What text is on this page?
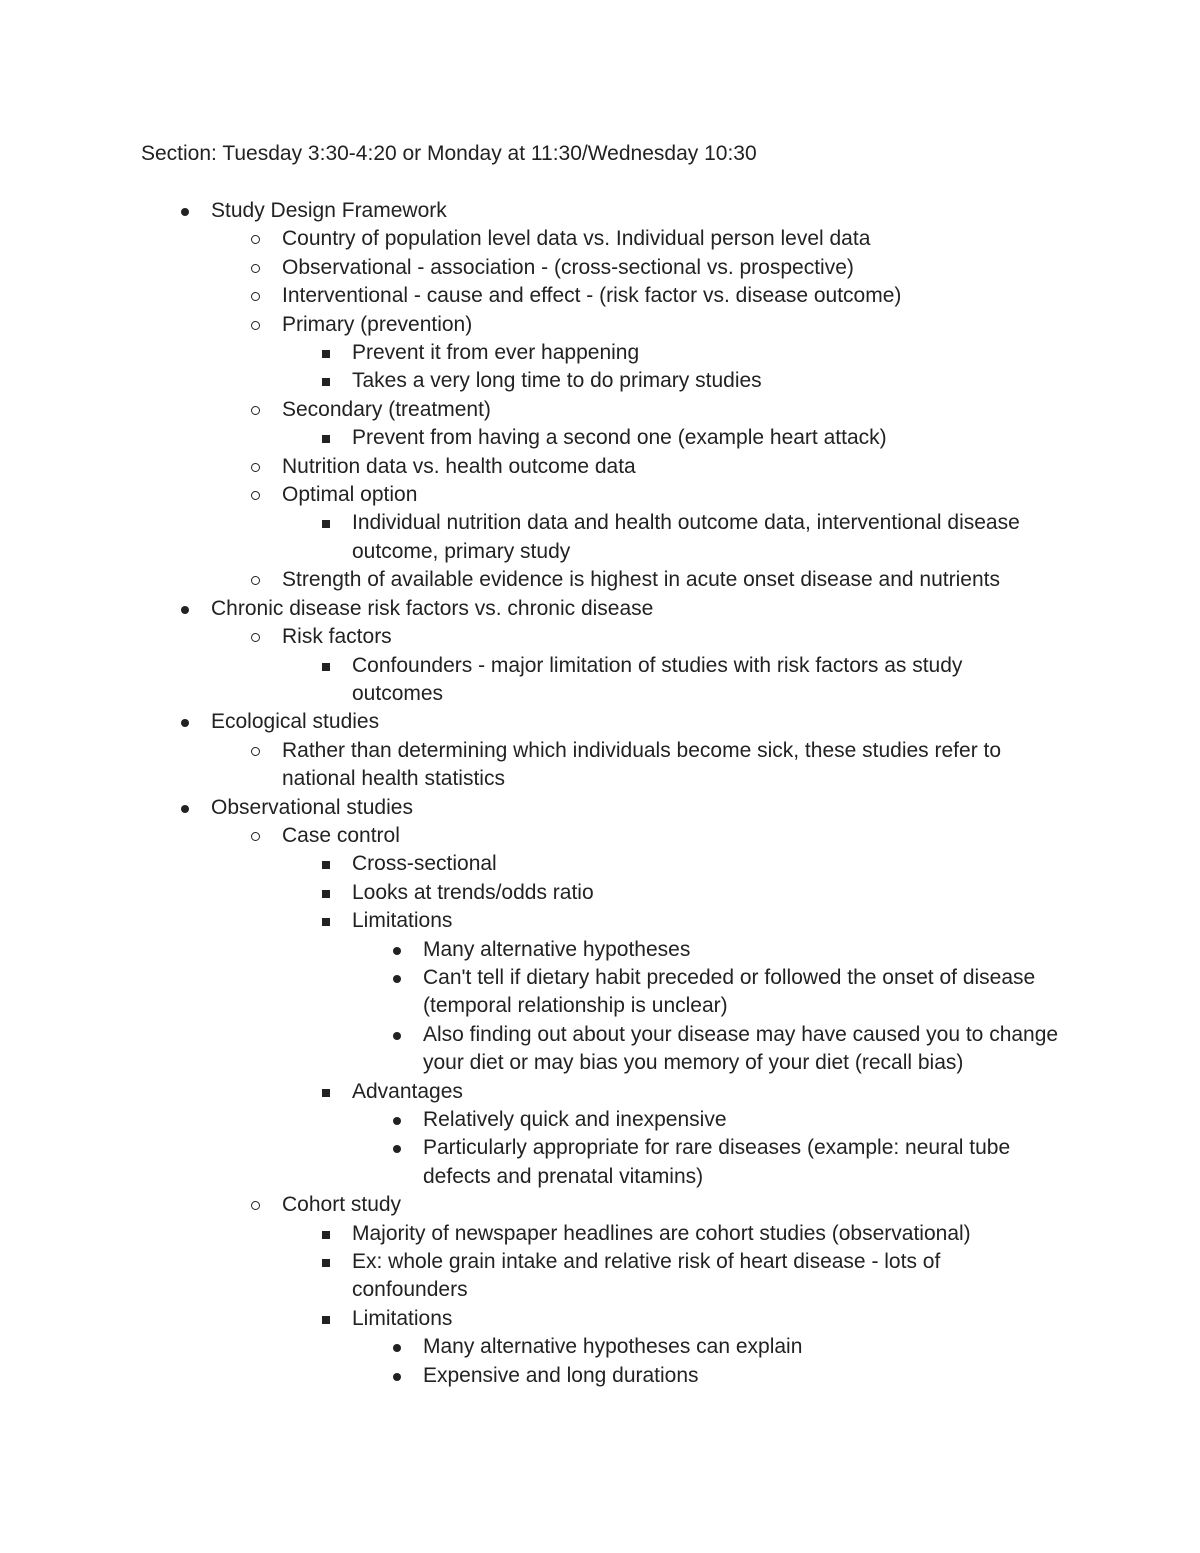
Section: Tuesday 3:30-4:20 or Monday at 11:30/Wednesday 10:30
Study Design Framework
Country of population level data vs. Individual person level data
Observational - association - (cross-sectional vs. prospective)
Interventional - cause and effect - (risk factor vs. disease outcome)
Primary (prevention)
Prevent it from ever happening
Takes a very long time to do primary studies
Secondary (treatment)
Prevent from having a second one (example heart attack)
Nutrition data vs. health outcome data
Optimal option
Individual nutrition data and health outcome data, interventional disease outcome, primary study
Strength of available evidence is highest in acute onset disease and nutrients
Chronic disease risk factors vs. chronic disease
Risk factors
Confounders - major limitation of studies with risk factors as study outcomes
Ecological studies
Rather than determining which individuals become sick, these studies refer to national health statistics
Observational studies
Case control
Cross-sectional
Looks at trends/odds ratio
Limitations
Many alternative hypotheses
Can't tell if dietary habit preceded or followed the onset of disease (temporal relationship is unclear)
Also finding out about your disease may have caused you to change your diet or may bias you memory of your diet (recall bias)
Advantages
Relatively quick and inexpensive
Particularly appropriate for rare diseases (example: neural tube defects and prenatal vitamins)
Cohort study
Majority of newspaper headlines are cohort studies (observational)
Ex: whole grain intake and relative risk of heart disease - lots of confounders
Limitations
Many alternative hypotheses can explain
Expensive and long durations
